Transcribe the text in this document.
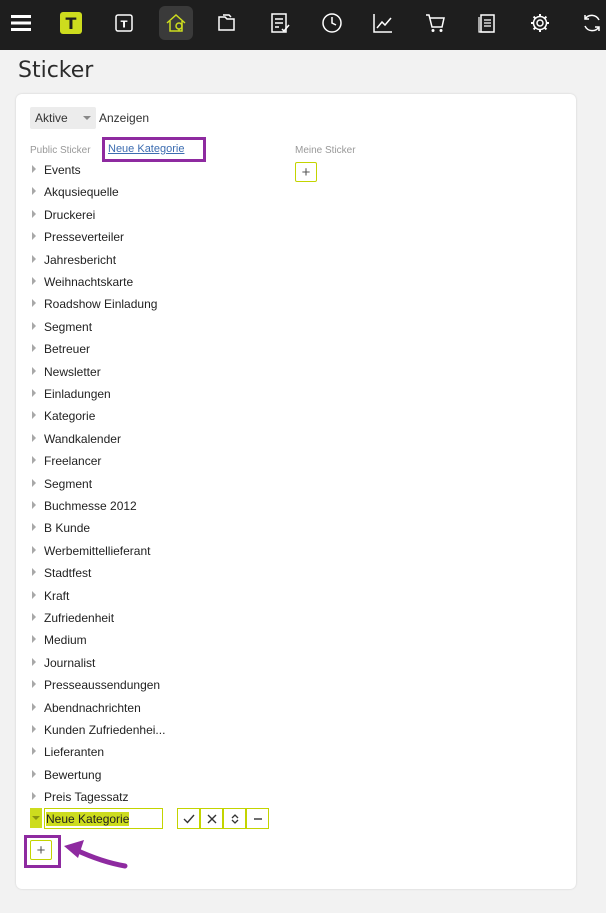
T	T
Sticker
Aktive	Anzeigen
Public Sticker Neue Kategorie	Meine Sticker
+
Events
Akqusiequelle
Druckerei
Presseverteiler
Jahresbericht
Weihnachtskarte
Roadshow Einladung
Segment
Betreuer
Newsletter
Einladungen
Kategorie
Wandkalender
Freelancer
Segment
Buchmesse 2012
B Kunde
Werbemittellieferant
Stadtfest
Kraft
Zufriedenheit
Medium
Journalist
Presseaussendungen
Abendnachrichten
Kunden Zufriedenhei...
Lieferanten
Bewertung
Preis Tagessatz
Neue Kategorie
+
